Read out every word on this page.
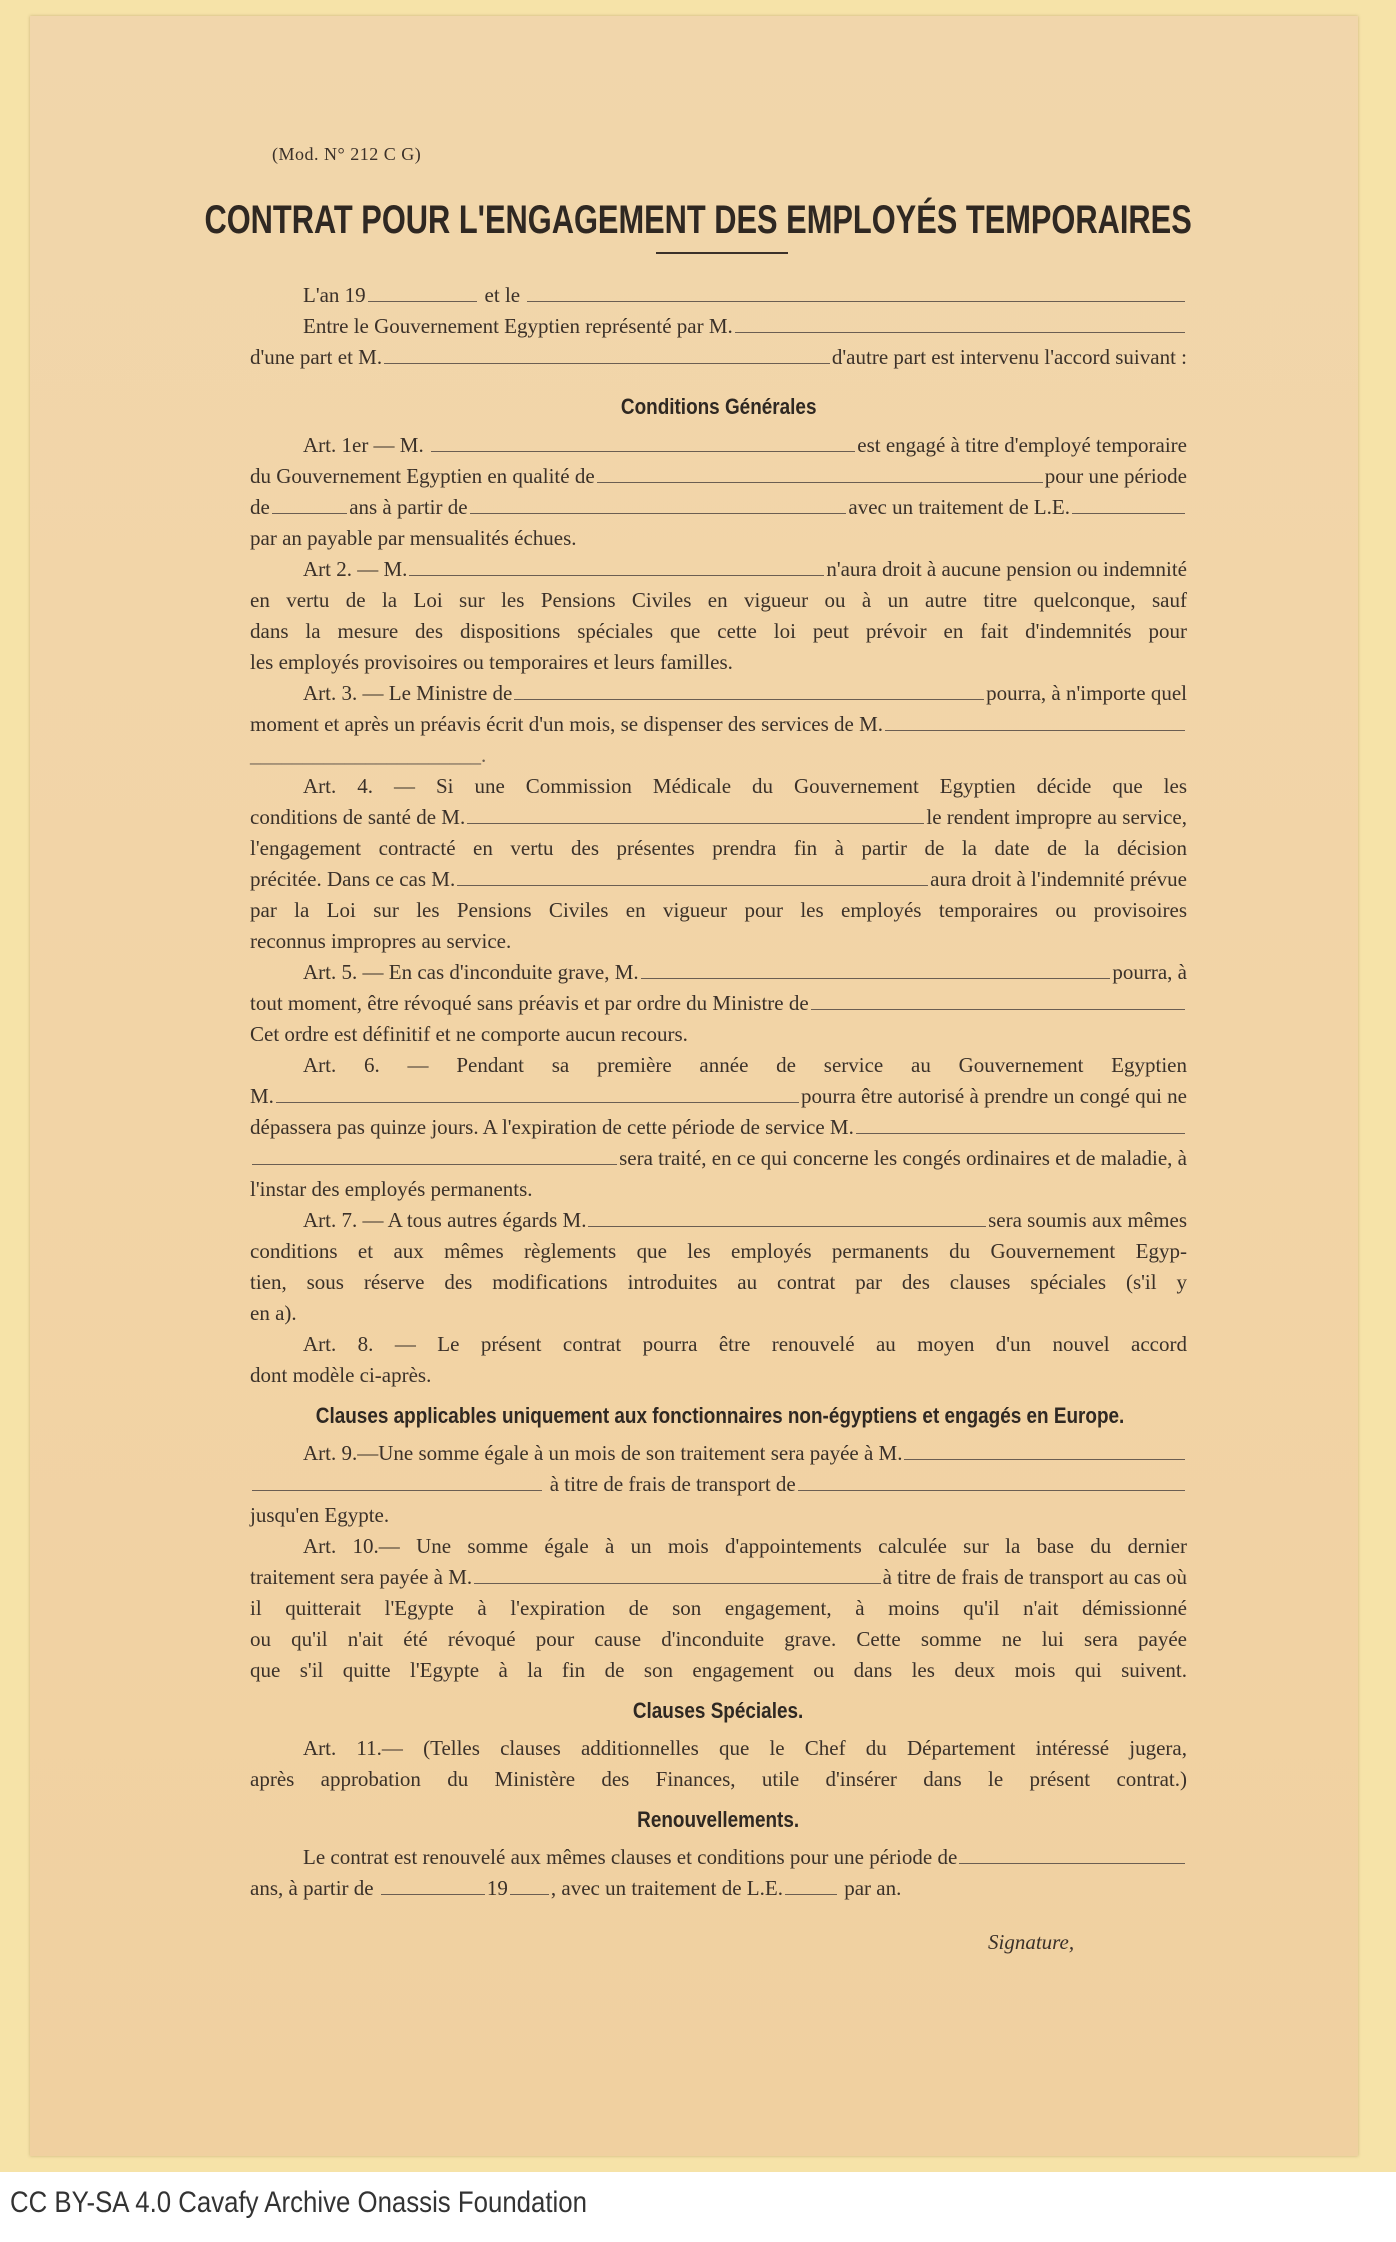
(Mod. N° 212 C G)
CONTRAT POUR L'ENGAGEMENT DES EMPLOYÉS TEMPORAIRES
L'an 19	et le
Entre le Gouvernement Egyptien représenté par M.
d'une part et M.	d'autre part est intervenu l'accord suivant :
Conditions Générales
Art. 1er — M.	est engagé à titre d'employé temporaire
du Gouvernement Egyptien en qualité de	pour une période
de	ans à partir de	avec un traitement de L.E.
par an payable par mensualités échues.
Art 2. — M.	n'aura droit à aucune pension ou indemnité
en vertu de la Loi sur les Pensions Civiles en vigueur ou à un autre titre quelconque, sauf
dans la mesure des dispositions spéciales que cette loi peut prévoir en fait d'indemnités pour
les employés provisoires ou temporaires et leurs familles.
Art. 3. — Le Ministre de	pourra, à n'importe quel
moment et après un préavis écrit d'un mois, se dispenser des services de M.
______________________.
Art. 4. — Si une Commission Médicale du Gouvernement Egyptien décide que les
conditions de santé de M.	le rendent impropre au service,
l'engagement contracté en vertu des présentes prendra fin à partir de la date de la décision
précitée. Dans ce cas M.	aura droit à l'indemnité prévue
par la Loi sur les Pensions Civiles en vigueur pour les employés temporaires ou provisoires
reconnus impropres au service.
Art. 5. — En cas d'inconduite grave, M.	pourra, à
tout moment, être révoqué sans préavis et par ordre du Ministre de
Cet ordre est définitif et ne comporte aucun recours.
Art. 6. — Pendant sa première année de service au Gouvernement Egyptien
M.	pourra être autorisé à prendre un congé qui ne
dépassera pas quinze jours. A l'expiration de cette période de service M.
sera traité, en ce qui concerne les congés ordinaires et de maladie, à
l'instar des employés permanents.
Art. 7. — A tous autres égards M.	sera soumis aux mêmes
conditions et aux mêmes règlements que les employés permanents du Gouvernement Egyp-
tien, sous réserve des modifications introduites au contrat par des clauses spéciales (s'il y
en a).
Art. 8. — Le présent contrat pourra être renouvelé au moyen d'un nouvel accord
dont modèle ci-après.
Clauses applicables uniquement aux fonctionnaires non-égyptiens et engagés en Europe.
Art. 9.—Une somme égale à un mois de son traitement sera payée à M.
à titre de frais de transport de
jusqu'en Egypte.
Art. 10.— Une somme égale à un mois d'appointements calculée sur la base du dernier
traitement sera payée à M.	à titre de frais de transport au cas où
il quitterait l'Egypte à l'expiration de son engagement, à moins qu'il n'ait démissionné
ou qu'il n'ait été révoqué pour cause d'inconduite grave. Cette somme ne lui sera payée
que s'il quitte l'Egypte à la fin de son engagement ou dans les deux mois qui suivent.
Clauses Spéciales.
Art. 11.— (Telles clauses additionnelles que le Chef du Département intéressé jugera,
après approbation du Ministère des Finances, utile d'insérer dans le présent contrat.)
Renouvellements.
Le contrat est renouvelé aux mêmes clauses et conditions pour une période de
ans, à partir de	19 , avec un traitement de L.E.	par an.
Signature,
CC BY-SA 4.0 Cavafy Archive Onassis Foundation
